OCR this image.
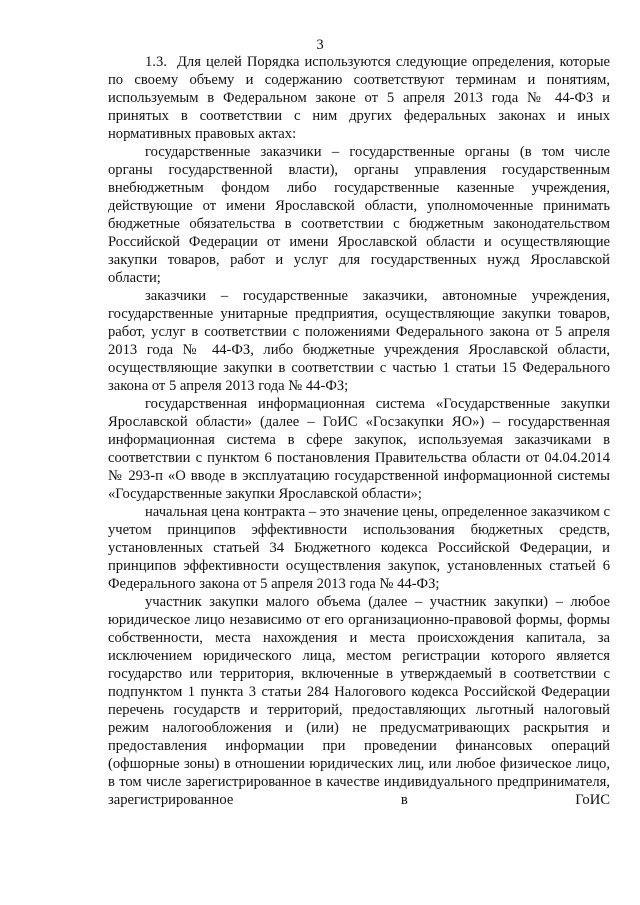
3

1.3.  Для целей Порядка используются следующие определения, которые по своему объему и содержанию соответствуют терминам и понятиям, используемым в Федеральном законе от 5 апреля 2013 года № 44-ФЗ и принятых в соответствии с ним других федеральных законах и иных нормативных правовых актах:

государственные заказчики – государственные органы (в том числе органы государственной власти), органы управления государственным внебюджетным фондом либо государственные казенные учреждения, действующие от имени Ярославской области, уполномоченные принимать бюджетные обязательства в соответствии с бюджетным законодательством Российской Федерации от имени Ярославской области и осуществляющие закупки товаров, работ и услуг для государственных нужд Ярославской области;

заказчики – государственные заказчики, автономные учреждения, государственные унитарные предприятия, осуществляющие закупки товаров, работ, услуг в соответствии с положениями Федерального закона от 5 апреля 2013 года № 44-ФЗ, либо бюджетные учреждения Ярославской области, осуществляющие закупки в соответствии с частью 1 статьи 15 Федерального закона от 5 апреля 2013 года № 44-ФЗ;

государственная информационная система «Государственные закупки Ярославской области» (далее – ГоИС «Госзакупки ЯО») – государственная информационная система в сфере закупок, используемая заказчиками в соответствии с пунктом 6 постановления Правительства области от 04.04.2014 № 293-п «О вводе в эксплуатацию государственной информационной системы «Государственные закупки Ярославской области»;

начальная цена контракта – это значение цены, определенное заказчиком с учетом принципов эффективности использования бюджетных средств, установленных статьей 34 Бюджетного кодекса Российской Федерации, и принципов эффективности осуществления закупок, установленных статьей 6 Федерального закона от 5 апреля 2013 года № 44-ФЗ;

участник закупки малого объема (далее – участник закупки) – любое юридическое лицо независимо от его организационно-правовой формы, формы собственности, места нахождения и места происхождения капитала, за исключением юридического лица, местом регистрации которого является государство или территория, включенные в утверждаемый в соответствии с подпунктом 1 пункта 3 статьи 284 Налогового кодекса Российской Федерации перечень государств и территорий, предоставляющих льготный налоговый режим налогообложения и (или) не предусматривающих раскрытия и предоставления информации при проведении финансовых операций (офшорные зоны) в отношении юридических лиц, или любое физическое лицо, в том числе зарегистрированное в качестве индивидуального предпринимателя, зарегистрированное в ГоИС
